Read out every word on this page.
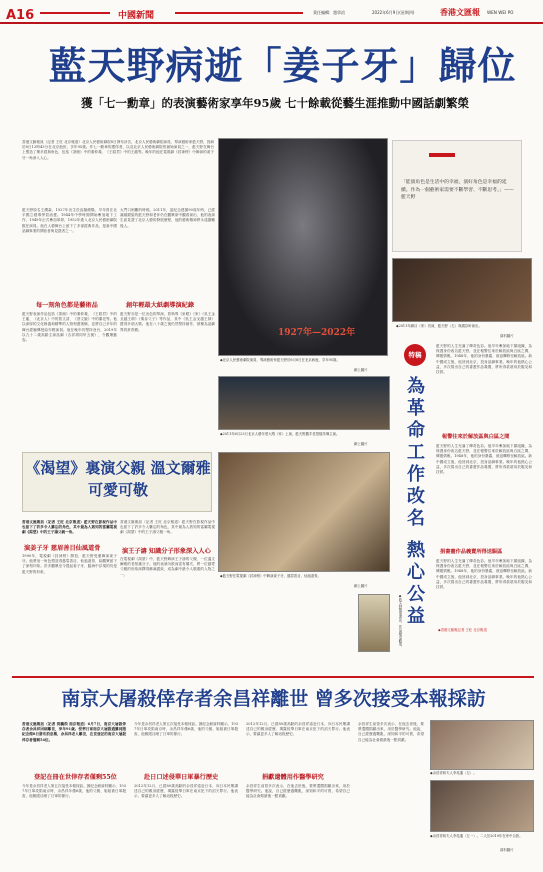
A16	中國新聞	責任編輯：趙寧渲	2022年6月9日(星期四)	香港文匯報 WEN WEI PO
藍天野病逝「姜子牙」歸位
獲「七一勳章」的表演藝術家享年95歲 七十餘載從藝生涯推動中國話劇繁榮
香港文匯報訊（記者 王旺 北京報道）北京人民藝術劇院8日發布訃告，北京人民藝術劇院演員、導演藝術家藍天野，因病於8日13時43分在北京逝世，享年95歲。作七一勳章的獲得者，以及北京人民藝術劇院的創始演員之一，藍天野在舞台上塑造了眾多經典角色，包括《茶館》中的秦仲義、《王昭君》中的王龍等。晚年的他在電視劇《封神榜》中飾演的姜子牙一角深入人心。
1927年—2022年
◆北京人民藝術劇院演員、導演藝術家藍天野於6月8日在北京病逝，享年95歲。
網上圖片
「能演角色是生活中的幸福，演好角色是幸福的延續。作為一個藝術家需要不斷學習、不斷思考。」——藍天野
藍天野原名王潤森，1927年出生於直隸饒陽，早年曾在北平國立藝專學習油畫。1944年中學時期開始參加地下工作，1949年正式參加革命，1952年進入北京人民藝術劇院擔任演員。他在人藝舞台上留下了多部經典作品，是新中國話劇事業的開拓者與見證者之一。
每一刻角色都是藝術品
藍天野表演作品包括《茶館》中的秦仲義、《王昭君》中的王龍、《北京人》中的曾文清、《蔡文姬》中的董祀等。他以深厚的文化修養和精準的人物刻畫著稱，並將自己多年的舞台經驗傳授給年輕演員。他在晚年仍堅持登台，2019年以九十二歲高齡主演話劇《吉祥胡同甲五號》，令觀眾動容。
大門口困難的時候。2011年，當紀念建黨90周年時，已經滿頭銀髮的藍天野和老伴仍在觀眾席中觀看演出，他的表演生涯見證了北京人藝的發展歷程，他的藝術精神將永遠激勵後人。
創年輕最大紙劇導演紀錄
藍天野亦是一位出色的導演，曾執導《針眼》《家》《吳王金戈越王劍》《秦皇父子》等作品，其中《吳王金戈越王劍》獲得多項大獎。他在八十歲之後仍然堅持創作，被譽為話劇界的常青樹。
◆2011年劇目《家》首演，藍天野（左）與濮存昕演出。
資料圖片
特稿
為革命工作改名 熱心公益
藍天野的人生充滿了傳奇色彩。他早年參加地下黨組織，為保護身份改名藍天野，並在報警往來於解放區與白區之間，傳遞情報。1948年，他的身份暴露，被迫轉移至解放區。新中國成立後，他回到北京，投身話劇事業。晚年的他熱心公益，多次捐出自己的書畫作品義賣，將所得款項用於賑災和扶貧。
報警往來於解放區與白區之間
藍天野的人生充滿了傳奇色彩。他早年參加地下黨組織，為保護身份改名藍天野，並在報警往來於解放區與白區之間，傳遞情報。1948年，他的身份暴露，被迫轉移至解放區。新中國成立後，他回到北京，投身話劇事業。晚年的他熱心公益，多次捐出自己的書畫作品義賣，將所得款項用於賑災和扶貧。
捐書畫作品義賣所得送賑區
藍天野的人生充滿了傳奇色彩。他早年參加地下黨組織，為保護身份改名藍天野，並在報警往來於解放區與白區之間，傳遞情報。1948年，他的身份暴露，被迫轉移至解放區。新中國成立後，他回到北京，投身話劇事業。晚年的他熱心公益，多次捐出自己的書畫作品義賣，將所得款項用於賑災和扶貧。
◆香港文匯報記者 王旺 北京報道
◆2011年6月23日北京人藝年度大戲《家》上演，藍天野攜手老搭檔朱琳主演。
網上圖片
◆藍天野在電視劇《封神榜》中飾演姜子牙，慈眉善目，仙風道骨。
網上圖片
◆藍天野熱愛書法，作品頗受歡迎。
《渴望》裏演父親 溫文爾雅可愛可敬
香港文匯報訊（記者 王旺 北京報道）藍天野在影視作品中也留下了許多令人難忘的角色，其中最為人熟知的當屬電視劇《渴望》中的王子濤父親一角。
演姜子牙 慈眉善目仙風道骨
1990年，電視劇《封神榜》開拍，藍天野受邀飾演姜子牙。他將這一角色塑造得慈眉善目、仙風道骨，給觀眾留下了深刻印象。許多觀眾至今提起姜子牙，腦海中浮現的仍是藍天野的形象。
香港文匯報訊（記者 王旺 北京報道）藍天野在影視作品中也留下了許多令人難忘的角色，其中最為人熟知的當屬電視劇《渴望》中的王子濤父親一角。
演王子濤 知識分子形象深入人心
在電視劇《渴望》中，藍天野飾演王子濤的父親，一位溫文爾雅的老知識分子。他的表演內斂而富有層次，將一位慈愛父親的形象演繹得淋漓盡致，成為劇中最令人敬重的人物之一。
南京大屠殺倖存者余昌祥離世 曾多次接受本報採訪
香港文匯報訊（記者 賀鵬飛 南京報道）6月7日，南京大屠殺倖存者余昌祥因病離世，享年91歲。侵華日軍南京大屠殺遇難同胞紀念館8日發布消息稱，余昌祥老人離世，在世登記的南京大屠殺倖存者僅剩54位。
登記在冊在世倖存者僅剩55位
今年是余昌祥老人第五次接受本報採訪。據紀念館資料顯示，1937年日軍攻陷南京時，余昌祥年僅6歲，他的父親、姐姐被日軍殺害，他親眼目睹了日軍的暴行。
今年是余昌祥老人第五次接受本報採訪。據紀念館資料顯示，1937年日軍攻陷南京時，余昌祥年僅6歲，他的父親、姐姐被日軍殺害，他親眼目睹了日軍的暴行。
赴日口述侵華日軍暴行歷史
2012年12月，已經80歲高齡的余昌祥遠赴日本，向日本民眾講述自己的親身經歷，揭露侵華日軍在南京犯下的滔天罪行。他表示，要讓更多人了解這段歷史。
2012年12月，已經80歲高齡的余昌祥遠赴日本，向日本民眾講述自己的親身經歷，揭露侵華日軍在南京犯下的滔天罪行。他表示，要讓更多人了解這段歷史。
捐獻遺體用作醫學研究
余昌祥生前曾多次表示，在他去世後，要將遺體捐獻出來，用於醫學研究。他說，自己經歷過戰亂，深知和平的可貴，希望自己能為社會做最後一點貢獻。
余昌祥生前曾多次表示，在他去世後，要將遺體捐獻出來，用於醫學研究。他說，自己經歷過戰亂，深知和平的可貴，希望自己能為社會做最後一點貢獻。
◆余昌祥和夫人李兆蓮（左）。
◆余昌祥和夫人李兆蓮（左一）。二人於2019年在家中合影。
資料圖片
